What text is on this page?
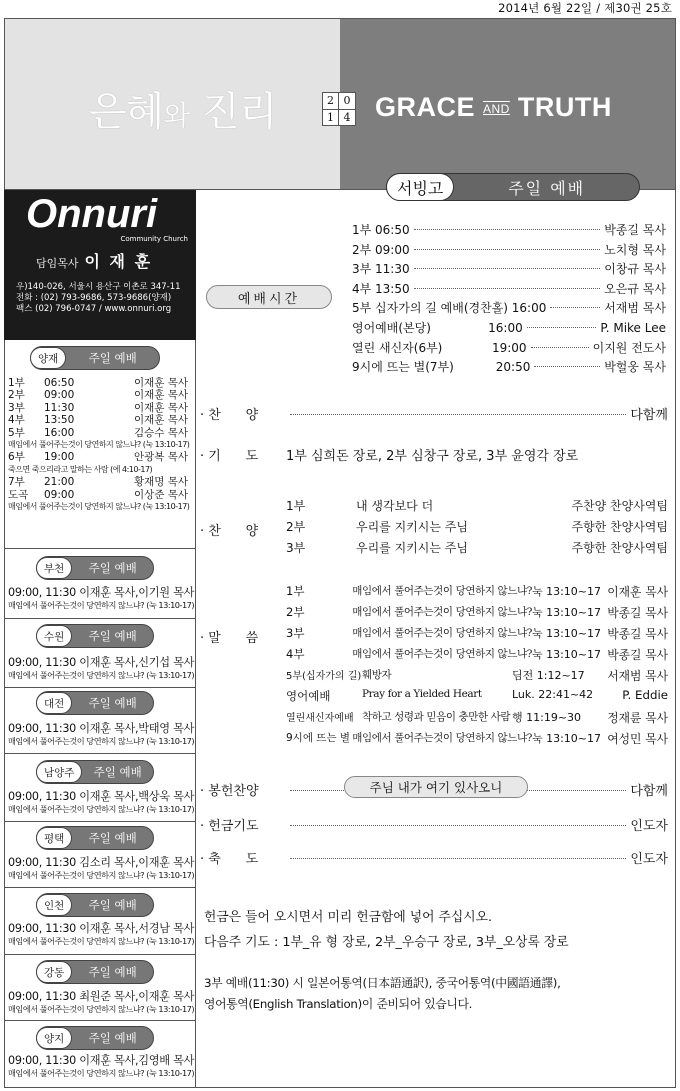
2014년 6월 22일 / 제30권 25호
은혜와 진리	2 0
1 4 GRACE AND TRUTH
Onnuri
Community Church
담임목사 이 재 훈
우)140-026, 서울시 용산구 이촌로 347-11
전화 : (02) 793-9686, 573-9686(양재)
팩스 (02) 796-0747 / www.onnuri.org
양재	주일 예배
1부	06:50	이재훈 목사
2부	09:00	이재훈 목사
3부	11:30	이재훈 목사
4부	13:50	이재훈 목사
5부	16:00	김승수 목사
매임에서 풀어주는것이 당연하지 않느냐? (눅 13:10-17)
6부	19:00	안광복 목사
죽으면 죽으리라고 말하는 사람 (에 4:10-17)
7부	21:00	황재명 목사
도곡	09:00	이상준 목사
매임에서 풀어주는것이 당연하지 않느냐? (눅 13:10-17)
부천	주일 예배
09:00, 11:30 이재훈 목사,이기원 목사
매임에서 풀어주는것이 당연하지 않느냐? (눅 13:10-17)
수원	주일 예배
09:00, 11:30 이재훈 목사,신기섭 목사
매임에서 풀어주는것이 당연하지 않느냐? (눅 13:10-17)
대전	주일 예배
09:00, 11:30 이재훈 목사,박태영 목사
매임에서 풀어주는것이 당연하지 않느냐? (눅 13:10-17)
남양주	주일 예배
09:00, 11:30 이재훈 목사,백상욱 목사
매임에서 풀어주는것이 당연하지 않느냐? (눅 13:10-17)
평택	주일 예배
09:00, 11:30 김소리 목사,이재훈 목사
매임에서 풀어주는것이 당연하지 않느냐? (눅 13:10-17)
인천	주일 예배
09:00, 11:30 이재훈 목사,서경남 목사
매임에서 풀어주는것이 당연하지 않느냐? (눅 13:10-17)
강동	주일 예배
09:00, 11:30 최원준 목사,이재훈 목사
매임에서 풀어주는것이 당연하지 않느냐? (눅 13:10-17)
양지	주일 예배
09:00, 11:30 이재훈 목사,김영배 목사
매임에서 풀어주는것이 당연하지 않느냐? (눅 13:10-17)
서빙고	주일 예배
예배시간
1부 06:50	박종길 목사
2부 09:00	노치형 목사
3부 11:30	이창규 목사
4부 13:50	오은규 목사
5부 십자가의 길 예배(경찬홀) 16:00	서재범 목사
영어예배(본당)               16:00	P. Mike Lee
열린 새신자(6부)             19:00	이지원 전도사
9시에 뜨는 별(7부)           20:50	박헐웅 목사
· 찬      양	다함께
· 기      도	1부 심희돈 장로, 2부 심창구 장로, 3부 윤영각 장로
· 찬      양
1부	내 생각보다 더	주찬양 찬양사역팀
2부	우리를 지키시는 주님	주향한 찬양사역팀
3부	우리를 지키시는 주님	주향한 찬양사역팀
· 말      씀
1부	매임에서 풀어주는것이 당연하지 않느냐? 눅 13:10~17 이재훈 목사
2부	매임에서 풀어주는것이 당연하지 않느냐? 눅 13:10~17 박종길 목사
3부	매임에서 풀어주는것이 당연하지 않느냐? 눅 13:10~17 박종길 목사
4부	매임에서 풀어주는것이 당연하지 않느냐? 눅 13:10~17 박종길 목사
5부(십자가의 길) 훼방자	딤전 1:12~17	서재범 목사
영어예배	Pray for a Yielded Heart	Luk. 22:41~42	P. Eddie
열린새신자예배 착하고 성령과 믿음이 충만한 사람 행 11:19~30	정재륜 목사
9시에 뜨는 별 매임에서 풀어주는것이 당연하지 않느냐? 눅 13:10~17 여성민 목사
· 봉헌찬양	다함께
주님 내가 여기 있사오니
· 헌금기도	인도자
· 축      도	인도자
헌금은 들어 오시면서 미리 헌금함에 넣어 주십시오.
다음주 기도 : 1부_유 형 장로, 2부_우승구 장로, 3부_오상록 장로
3부 예배(11:30) 시 일본어통역(日本語通訳), 중국어통역(中國語通譯),
영어통역(English Translation)이 준비되어 있습니다.
